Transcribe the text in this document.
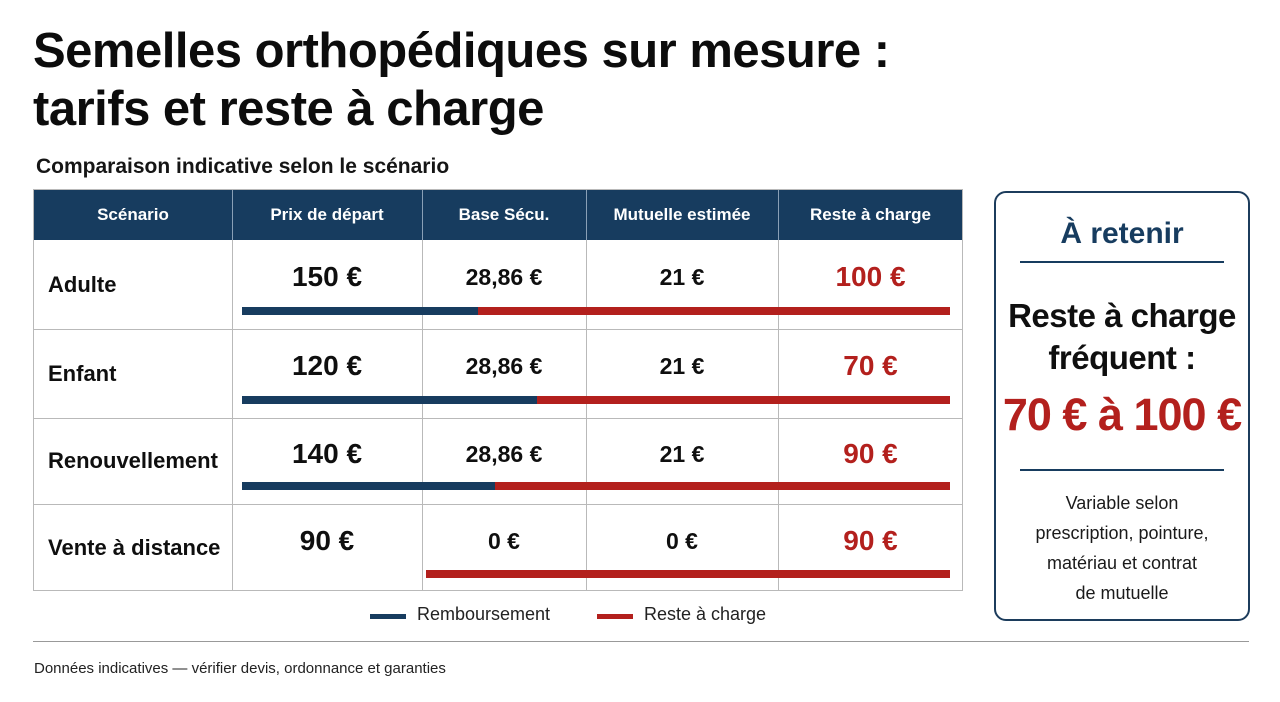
Semelles orthopédiques sur mesure :
tarifs et reste à charge
Comparaison indicative selon le scénario
Scénario	Prix de départ	Base Sécu.	Mutuelle estimée	Reste à charge
Adulte	150 €	28,86 €	21 €	100 €
Enfant	120 €	28,86 €	21 €	70 €
Renouvellement	140 €	28,86 €	21 €	90 €
Vente à distance	90 €	0 €	0 €	90 €
Remboursement	Reste à charge
À retenir
Reste à charge
fréquent :
70 € à 100 €
Variable selon
prescription, pointure,
matériau et contrat
de mutuelle
Données indicatives — vérifier devis, ordonnance et garanties
